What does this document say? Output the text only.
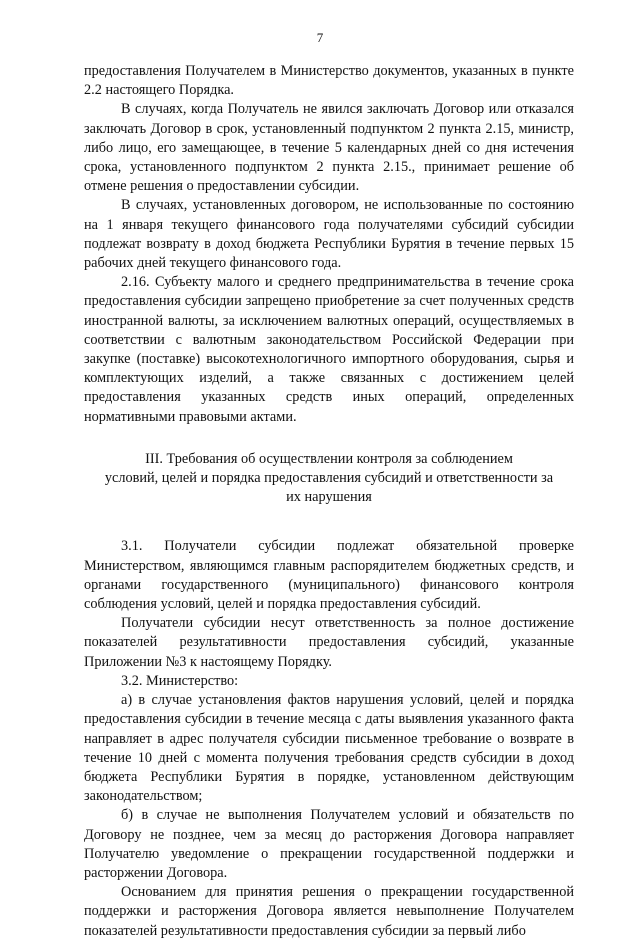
7

предоставления Получателем в Министерство документов, указанных в пункте 2.2 настоящего Порядка.

В случаях, когда Получатель не явился заключать Договор или отказался заключать Договор в срок, установленный подпунктом 2 пункта 2.15, министр, либо лицо, его замещающее, в течение 5 календарных дней со дня истечения срока, установленного подпунктом 2 пункта 2.15., принимает решение об отмене решения о предоставлении субсидии.

В случаях, установленных договором, не использованные по состоянию на 1 января текущего финансового года получателями субсидий субсидии подлежат возврату в доход бюджета Республики Бурятия в течение первых 15 рабочих дней текущего финансового года.

2.16. Субъекту малого и среднего предпринимательства в течение срока предоставления субсидии запрещено приобретение за счет полученных средств иностранной валюты, за исключением валютных операций, осуществляемых в соответствии с валютным законодательством Российской Федерации при закупке (поставке) высокотехнологичного импортного оборудования, сырья и комплектующих изделий, а также связанных с достижением целей предоставления указанных средств иных операций, определенных нормативными правовыми актами.

III. Требования об осуществлении контроля за соблюдением
условий, целей и порядка предоставления субсидий и ответственности за
их нарушения

3.1. Получатели субсидии подлежат обязательной проверке Министерством, являющимся главным распорядителем бюджетных средств, и органами государственного (муниципального) финансового контроля соблюдения условий, целей и порядка предоставления субсидий.

Получатели субсидии несут ответственность за полное достижение показателей результативности предоставления субсидий, указанные Приложении №3 к настоящему Порядку.

3.2. Министерство:

а) в случае установления фактов нарушения условий, целей и порядка предоставления субсидии в течение месяца с даты выявления указанного факта направляет в адрес получателя субсидии письменное требование о возврате в течение 10 дней с момента получения требования средств субсидии в доход бюджета Республики Бурятия в порядке, установленном действующим законодательством;

б) в случае не выполнения Получателем условий и обязательств по Договору не позднее, чем за месяц до расторжения Договора направляет Получателю уведомление о прекращении государственной поддержки и расторжении Договора.

Основанием для принятия решения о прекращении государственной поддержки и расторжения Договора является невыполнение Получателем показателей результативности предоставления субсидии за первый либо
